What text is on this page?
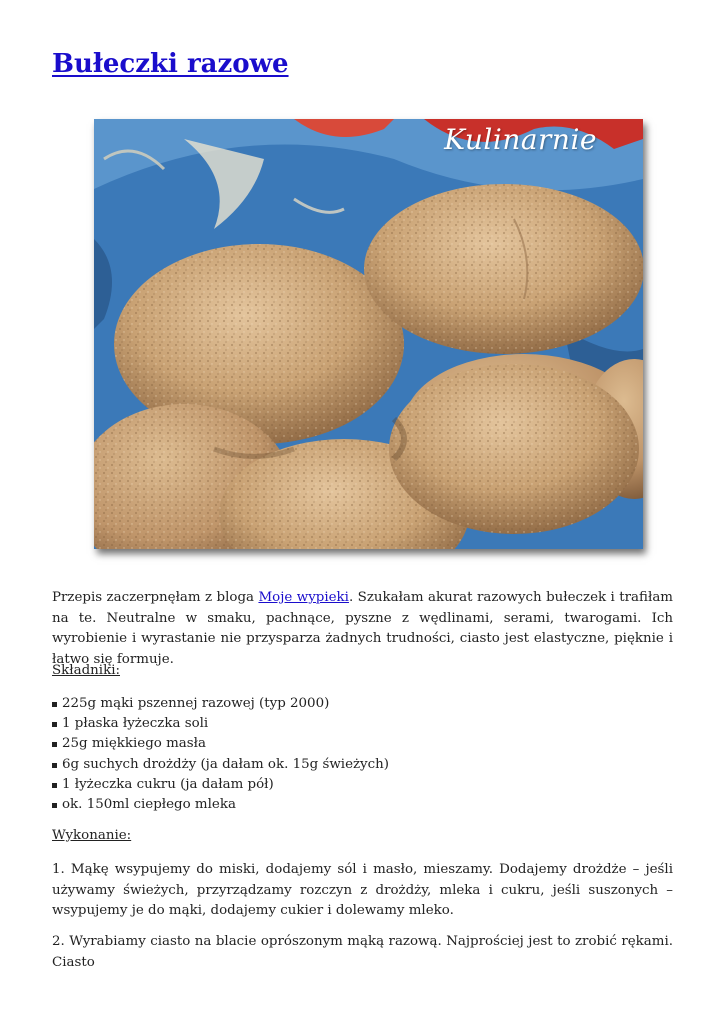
Bułeczki razowe
Kulinarnie

Przepis zaczerpnęłam z bloga Moje wypieki. Szukałam akurat razowych bułeczek i trafiłam na te. Neutralne w smaku, pachnące, pyszne z wędlinami, serami, twarogami. Ich wyrobienie i wyrastanie nie przysparza żadnych trudności, ciasto jest elastyczne, pięknie i łatwo się formuje.

Składniki:

225g mąki pszennej razowej (typ 2000)
1 płaska łyżeczka soli
25g miękkiego masła
6g suchych drożdży (ja dałam ok. 15g świeżych)
1 łyżeczka cukru (ja dałam pół)
ok. 150ml ciepłego mleka

Wykonanie:

1. Mąkę wsypujemy do miski, dodajemy sól i masło, mieszamy. Dodajemy drożdże – jeśli używamy świeżych, przyrządzamy rozczyn z drożdży, mleka i cukru, jeśli suszonych – wsypujemy je do mąki, dodajemy cukier i dolewamy mleko.

2. Wyrabiamy ciasto na blacie oprószonym mąką razową. Najprościej jest to zrobić rękami. Ciasto
